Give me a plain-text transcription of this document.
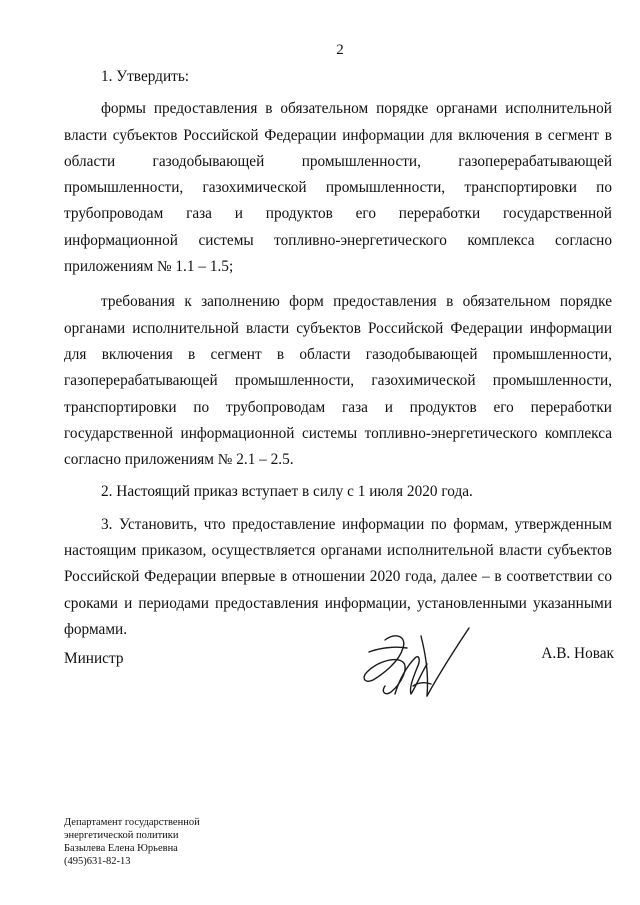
2

1. Утвердить:

формы предоставления в обязательном порядке органами исполнительной власти субъектов Российской Федерации информации для включения в сегмент в области газодобывающей промышленности, газоперерабатывающей промышленности, газохимической промышленности, транспортировки по трубопроводам газа и продуктов его переработки государственной информационной системы топливно-энергетического комплекса согласно приложениям № 1.1 – 1.5;

требования к заполнению форм предоставления в обязательном порядке органами исполнительной власти субъектов Российской Федерации информации для включения в сегмент в области газодобывающей промышленности, газоперерабатывающей промышленности, газохимической промышленности, транспортировки по трубопроводам газа и продуктов его переработки государственной информационной системы топливно-энергетического комплекса согласно приложениям № 2.1 – 2.5.

2. Настоящий приказ вступает в силу с 1 июля 2020 года.

3. Установить, что предоставление информации по формам, утвержденным настоящим приказом, осуществляется органами исполнительной власти субъектов Российской Федерации впервые в отношении 2020 года, далее – в соответствии со сроками и периодами предоставления информации, установленными указанными формами.

Министр	А.В. Новак
Департамент государственной
энергетической политики
Базылева Елена Юрьевна
(495)631-82-13
